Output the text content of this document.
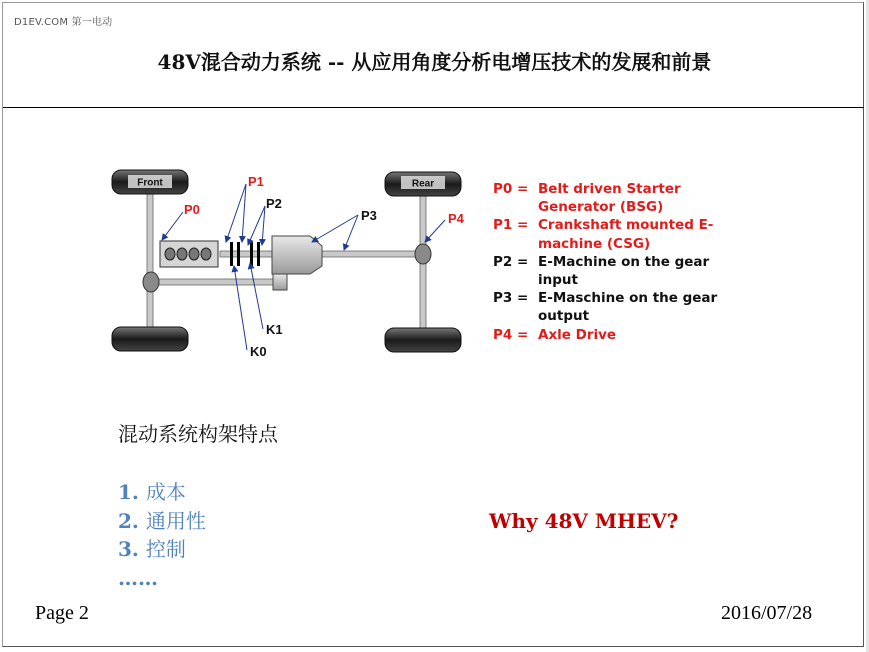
D1EV.COM 第一电动
48V混合动力系统 -- 从应用角度分析电增压技术的发展和前景
Front	Rear
P0
P1
P2
P3	P4
K1
K0
P0 = Belt driven Starter Generator (BSG)
P1 = Crankshaft mounted E-machine (CSG)
P2 = E-Machine on the gear input
P3 = E-Maschine on the gear output
P4 = Axle Drive
混动系统构架特点
1. 成本
2. 通用性
3. 控制
……
Why 48V MHEV?
Page 2	2016/07/28
